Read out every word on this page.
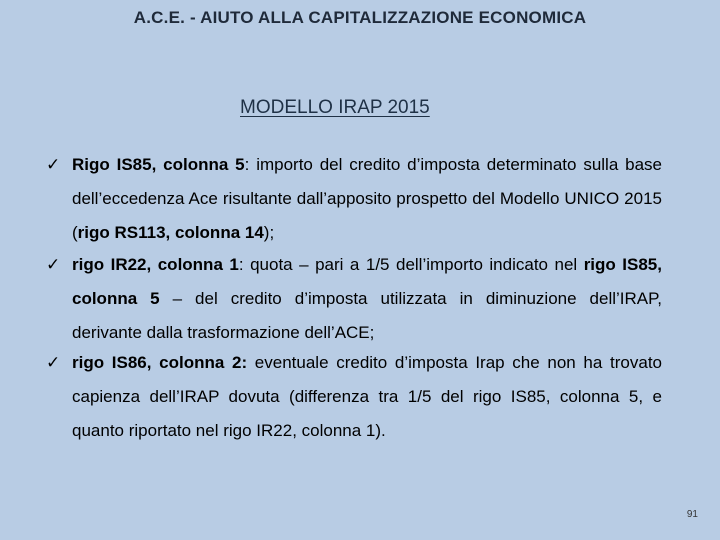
A.C.E. - AIUTO ALLA CAPITALIZZAZIONE ECONOMICA
MODELLO IRAP 2015
✓ Rigo IS85, colonna 5: importo del credito d’imposta determinato sulla base dell’eccedenza Ace risultante dall’apposito prospetto del Modello UNICO 2015 (rigo RS113, colonna 14);
✓ rigo IR22, colonna 1: quota – pari a 1/5 dell’importo indicato nel rigo IS85, colonna 5 – del credito d’imposta utilizzata in diminuzione dell’IRAP, derivante dalla trasformazione dell’ACE;
✓ rigo IS86, colonna 2: eventuale credito d’imposta Irap che non ha trovato capienza dell’IRAP dovuta (differenza tra 1/5 del rigo IS85, colonna 5, e quanto riportato nel rigo IR22, colonna 1).
91
